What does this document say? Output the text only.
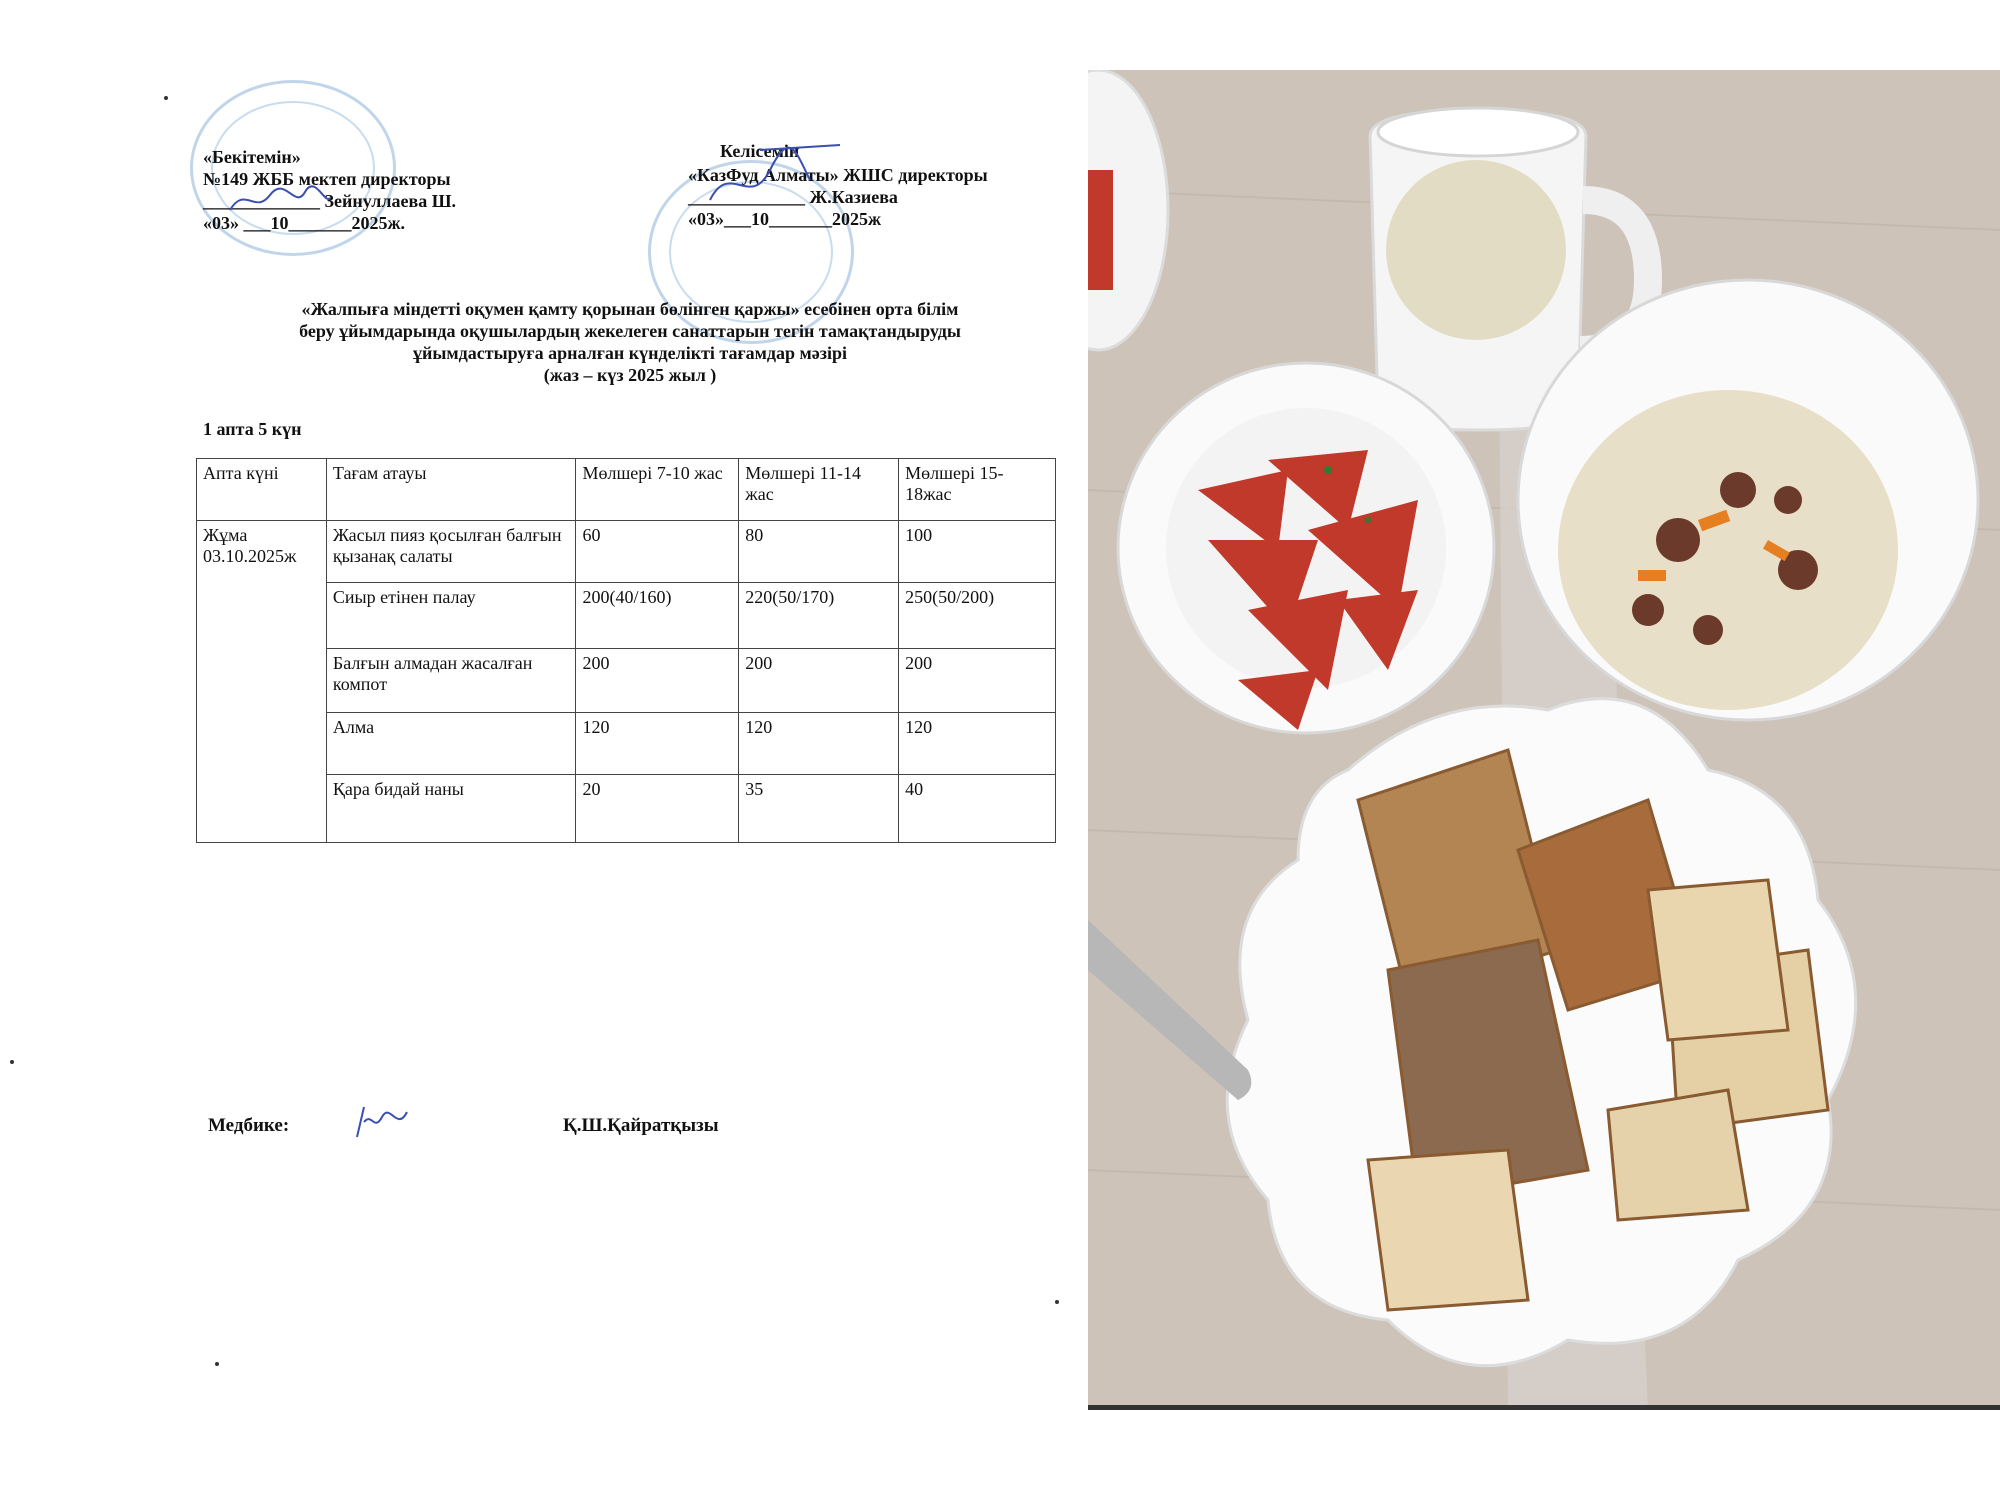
«Бекітемін»
№149 ЖББ мектеп директоры
_____________ Зейнуллаева Ш.
«03» ___10_______2025ж.
Келісемін
«КазФуд Алматы» ЖШС директоры
_____________ Ж.Казиева
«03»___10_______2025ж
«Жалпыға міндетті оқумен қамту қорынан бөлінген қаржы» есебінен орта білім
беру ұйымдарында оқушылардың жекелеген санаттарын тегін тамақтандыруды
ұйымдастыруға арналған күнделікті тағамдар мәзірі
(жаз – күз 2025 жыл )
1 апта 5 күн
Апта күні	Тағам атауы	Мөлшері 7-10 жас	Мөлшері 11-14 жас	Мөлшері 15-18жас
Жұма 03.10.2025ж	Жасыл пияз қосылған балғын қызанақ салаты	60	80	100
	Сиыр етінен палау	200(40/160)	220(50/170)	250(50/200)
	Балғын алмадан жасалған компот	200	200	200
	Алма	120	120	120
	Қара бидай наны	20	35	40
Медбике:	Қ.Ш.Қайратқызы
